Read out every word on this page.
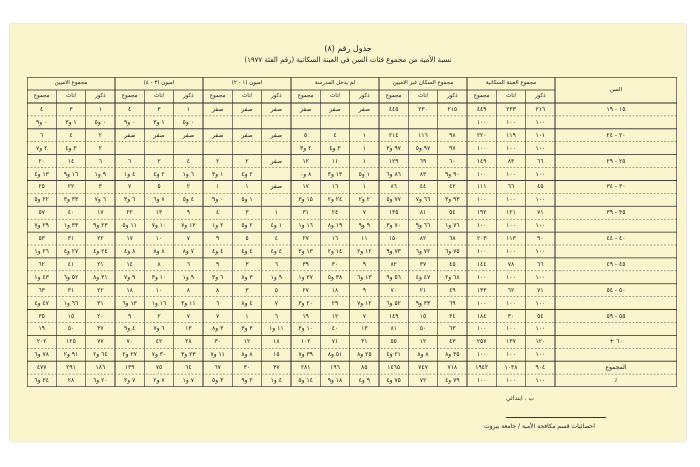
جدول رقم (٨)
نسبة الأمية من مجموع فئات السن في العينة السكانية (رقم الفئة ١٩٧٧)
السن
مجموع العينة السكانية
ذكور
اناث
مجموع
مجموع السكان غير الاميين
ذكور
اناث
مجموع
لم يدخل المدرسة
ذكور
اناث
مجموع
اميون (١ - ٢)
ذكور
اناث
مجموع
اميون (٣ - ٤)
ذكور
اناث
مجموع
مجموع الاميين
ذكور
اناث
مجموع
١٥ - ١٩
٢١٦
١٠٠
٢٣٣
١٠٠
٤٤٩
١٠٠
٢١٥
٢٣٠
٤٤٥
صفر
صفر
صفر
صفر
صفر
صفر
١
٠ و٥
٣
١ و٣
٤
٠ و٩
١
٠ و٥
٣
١ و٣
٤
٠ و٩
٢٠ - ٢٤
١٠١
١٠٠
١١٩
١٠٠
٢٢٠
١٠٠
٩٨
٩٧
١١٦
٩٧ و٥
٢١٤
٩٧ و٣
١
١
٤
٣ و٤
٥
٢ و٣
صفر
صفر
صفر
صفر
صفر
صفر
٢
٢
٤
٣ و٤
٦
٢ و٧
٢٥ - ٢٩
٦٦
١٠٠
٨٣
١٠٠
١٤٩
١٠٠
٦٠
٩٠ و٩
٦٩
٨٣
١٢٩
٨٦ و٦
١
١ و٥
١١
١٣ و٣
١٢
٨ و٠
صفر
٢
٢ و٤
٢
١ و٣
٤
٦ و١
٢
٢ و٤
٦
٤ و١
٦
٩ و١
١٤
١٦ و٩
٢٠
١٣ و٤
٣٠ - ٣٤
٤٥
١٠٠
٦٦
١٠٠
١١١
١٠٠
٤٢
٩٣ و٣
٤٤
٦٦ و٧
٨٦
٧٧ و٥
١
٢ و٢
١٦
٢٤ و٢
١٧
١٥ و٣
صفر
١
١ و٥
١
٠ و٩
٢
٤ و٥
٥
٧ و٦
٧
٦ و٣
٣
٦ و٧
٢٢
٣٣ و٣
٢٥
٢٢ و٥
٣٥ - ٣٩
٧١
١٠٠
١٢١
١٠٠
١٩٢
١٠٠
٥٤
٧٦ و١
٨١
٦٦ و٩
١٣٥
٧٠ و٣
٧
٩ و٩
٢٤
١٩ و٨
٣١
١٦ و١
١
١ و٤
٣
٢ و٥
٤
٢ و١
٩
١٢ و٧
١٣
١٠ و٧
٢٢
١١ و٥
١٧
٢٣ و٩
٤٠
٣٣ و١
٥٧
٢٩ و٧
٤٠ - ٤٤
٩٠
١٠٠
١١٣
١٠٠
٢٠٣
١٠٠
٦٨
٧٥ و٦
٨٢
٧٢ و٦
١٥٠
٧٣ و٩
١١
١٢ و٢
١٦
١٤ و٢
٢٧
١٣ و٣
٤
٤ و٤
٥
٤ و٤
٩
٤ و٤
٧
٧ و٨
١٠
٨ و٨
١٧
٨ و٤
٢٢
٢٤ و٤
٣١
٢٧ و٤
٥٣
٢٦ و١
٤٥ - ٤٩
٦٦
١٠٠
٧٨
١٠٠
١٤٤
١٠٠
٤٥
٦٨ و٢
٣٧
٤٧ و٤
٨٢
٥٦ و٩
٩
١٣ و٦
٣٠
٣٨ و٥
٣٩
٢٧ و١
٦
٩ و١
٣
٣ و٨
٩
٦ و٣
٦
٩ و١
٨
١٠ و٣
١٤
٩ و٧
٢١
٣١ و٨
٤١
٥٢ و٦
٦٢
٤٣ و١
٥٠ - ٥٤
٧١
١٠٠
٦٢
١٠٠
١٣٣
١٠٠
٤٩
٦٩
٢١
٣٣ و٩
٧٠
٥٢ و٦
٩
١٢ و٧
١٨
٢٩
٢٧
٢٠ و٣
٥
٧
٣
٤ و٨
٨
٦
٨
١١ و٣
١٠
١٦ و١
١٨
١٣ و٦
٢٢
٣١
٣١
٦٦ و١
٦٣
٤٧ و٤
٥٥ - ٥٩
٥٤
١٠٠
٣٠
١٠٠
١٨٤
١٠٠
٣٤
٦٣
١٥
٥٠
١٤٩
٨١
٧
١٣
١٢
٤٠
١٩
١٠ و٣
٦
١١ و١
١
٣ و٣
٧
٣ و٨
٧
١٣
٢
٦ و٧
٩
٤ و٩
٢٠
٣٧
١٥
٥٠
٣٥
١٩
٦٠ +
١٢٠
١٠٠
١٣٧
١٠٠
٢٥٧
١٠٠
٤٣
٣٥ و٨
١٢
٨ و٨
٥٥
٢١ و٤
٣١
٢٥ و٨
٧١
٥١ و٨
١٠٢
٣٩ و٧
١٨
١٥
١٢
٨ و٨
٣٠
١١ و٧
٢٨
٢٣ و٣
٤٢
٣٠ و٧
٧٠
٢٧ و٢
٧٧
٦٤ و٢
١٢٥
٩١ و٢
٢٠٢
٧٨ و٦
المجموع
٪
٩٠٤
١٠٠
١٠٣٨
١٠٠
١٩٤٢
١٠٠
٧١٨
٧٩ و٤
٧٤٧
٧٢
١٤٦٥
٧٥ و٤
٨٥
٩ و٤
١٩٦
١٨ و٩
٢٨١
١٤ و٥
٣٧
٤ و١
٣٠
٢ و٩
٦٧
٣ و٥
٦٤
٧ و١
٧٥
٧ و٢
١٣٩
٧ و٢
١٨٦
٢٠ و٦
٢٩١
٢٨
٤٧٧
٢٤ و٦
ب . ابتدائي
احصائيات قسم مكافحة الأمية / جامعة بيروت
